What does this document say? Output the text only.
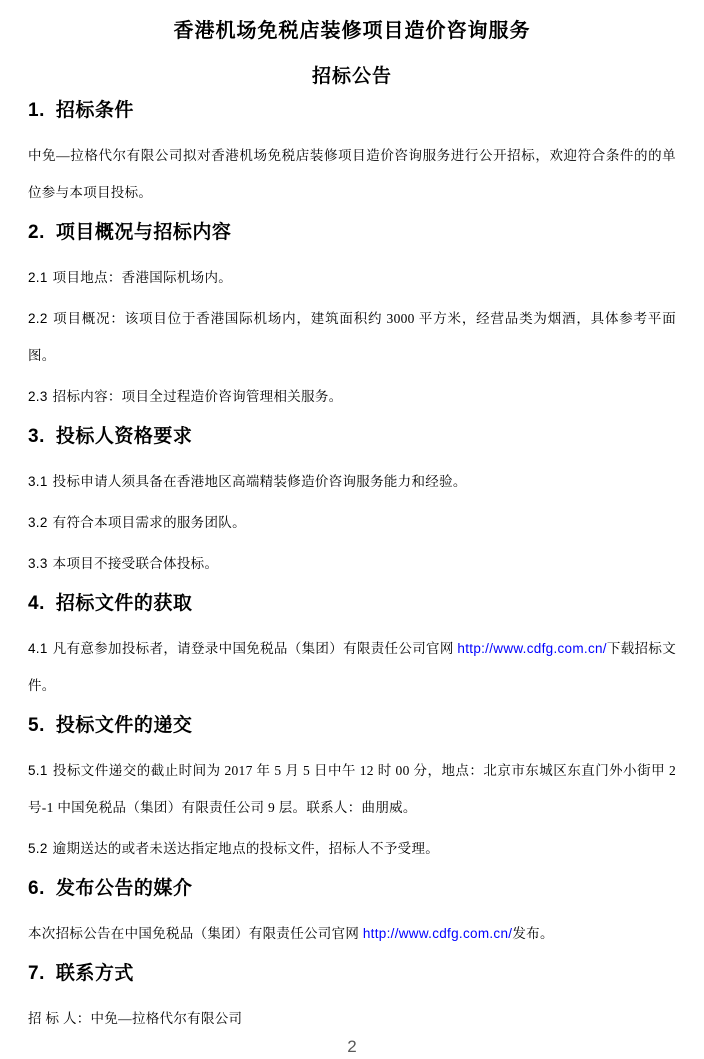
香港机场免税店装修项目造价咨询服务
招标公告
1. 招标条件

中免—拉格代尔有限公司拟对香港机场免税店装修项目造价咨询服务进行公开招标，欢迎符合条件的的单位参与本项目投标。

2. 项目概况与招标内容

2.1 项目地点：香港国际机场内。

2.2 项目概况：该项目位于香港国际机场内，建筑面积约 3000 平方米，经营品类为烟酒，具体参考平面图。

2.3 招标内容：项目全过程造价咨询管理相关服务。

3. 投标人资格要求

3.1 投标申请人须具备在香港地区高端精装修造价咨询服务能力和经验。

3.2 有符合本项目需求的服务团队。

3.3 本项目不接受联合体投标。

4. 招标文件的获取

4.1 凡有意参加投标者，请登录中国免税品（集团）有限责任公司官网 http://www.cdfg.com.cn/下载招标文件。

5. 投标文件的递交

5.1 投标文件递交的截止时间为 2017 年 5 月 5 日中午 12 时 00 分，地点：北京市东城区东直门外小街甲 2 号-1 中国免税品（集团）有限责任公司 9 层。联系人：曲朋威。

5.2 逾期送达的或者未送达指定地点的投标文件，招标人不予受理。

6. 发布公告的媒介

本次招标公告在中国免税品（集团）有限责任公司官网 http://www.cdfg.com.cn/发布。

7. 联系方式

招 标 人：中免—拉格代尔有限公司

2
